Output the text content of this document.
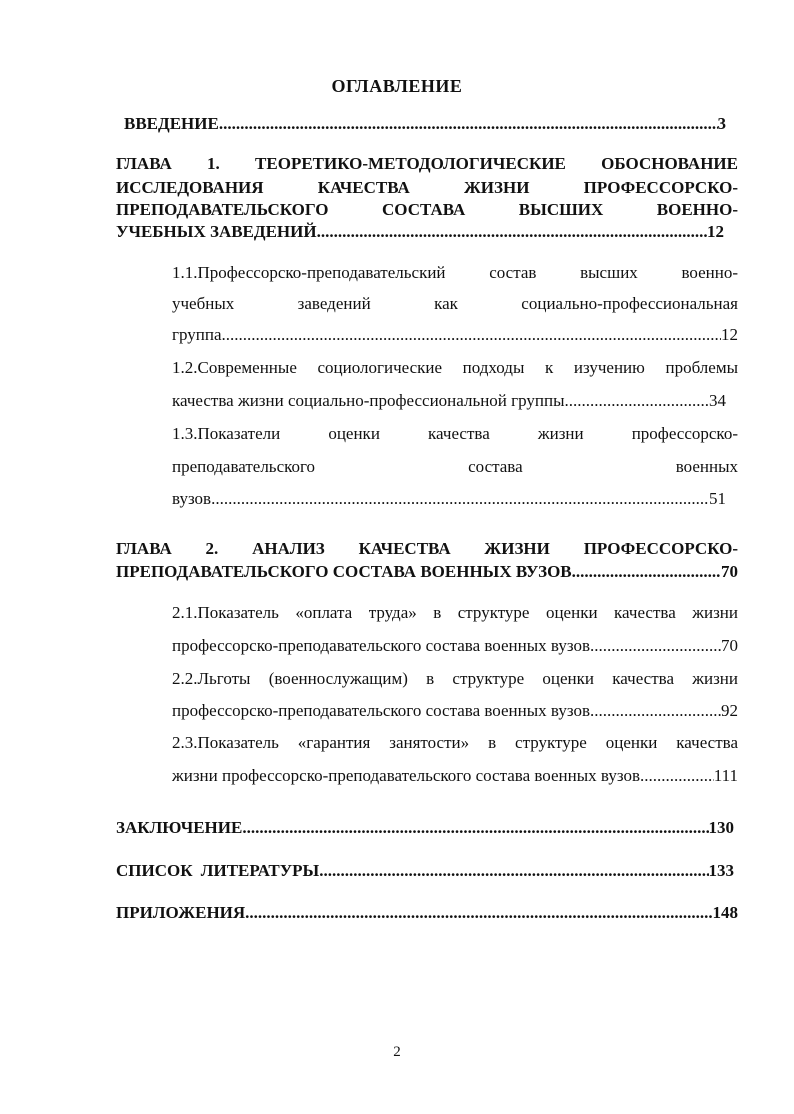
ОГЛАВЛЕНИЕ
ВВЕДЕНИЕ .....	3
ГЛАВА 1. ТЕОРЕТИКО-МЕТОДОЛОГИЧЕСКИЕ ОБОСНОВАНИЕ
ИССЛЕДОВАНИЯ КАЧЕСТВА ЖИЗНИ ПРОФЕССОРСКО-
ПРЕПОДАВАТЕЛЬСКОГО СОСТАВА ВЫСШИХ ВОЕННО-
УЧЕБНЫХ ЗАВЕДЕНИЙ .....	12
1.1.Профессорско-преподавательский состав высших военно-
учебных заведений как социально-профессиональная
группа .....	12
1.2.Современные социологические подходы к изучению проблемы
качества жизни социально-профессиональной группы .....	34
1.3.Показатели оценки качества жизни профессорско-
преподавательского состава военных
вузов .....	51
ГЛАВА 2. АНАЛИЗ КАЧЕСТВА ЖИЗНИ ПРОФЕССОРСКО-
ПРЕПОДАВАТЕЛЬСКОГО СОСТАВА ВОЕННЫХ ВУЗОВ .....	70
2.1.Показатель «оплата труда» в структуре оценки качества жизни
профессорско-преподавательского состава военных вузов .....	70
2.2.Льготы (военнослужащим) в структуре оценки качества жизни
профессорско-преподавательского состава военных вузов .....	92
2.3.Показатель «гарантия занятости» в структуре оценки качества
жизни профессорско-преподавательского состава военных вузов .....	111
ЗАКЛЮЧЕНИЕ .....	130
СПИСОК ЛИТЕРАТУРЫ .....	133
ПРИЛОЖЕНИЯ .....	148
2
